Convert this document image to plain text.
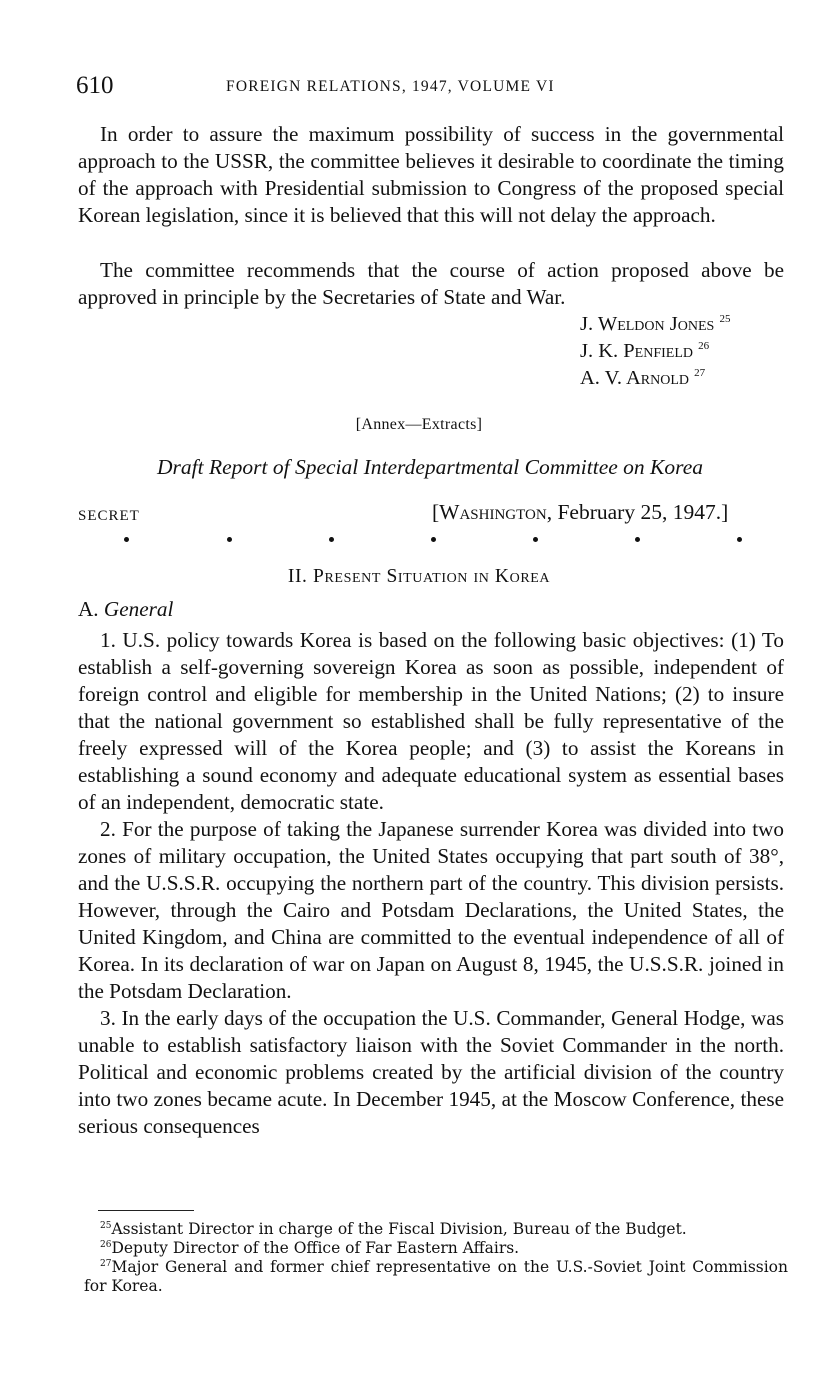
610	FOREIGN RELATIONS, 1947, VOLUME VI

In order to assure the maximum possibility of success in the governmental approach to the USSR, the committee believes it desirable to coordinate the timing of the approach with Presidential submission to Congress of the proposed special Korean legislation, since it is believed that this will not delay the approach.

The committee recommends that the course of action proposed above be approved in principle by the Secretaries of State and War.

J. Weldon Jones $^{25}$
J. K. Penfield $^{26}$
A. V. Arnold $^{27}$
[Annex—Extracts]
Draft Report of Special Interdepartmental Committee on Korea
SECRET	[Washington, February 25, 1947.]
II. Present Situation in Korea
A. General

1. U.S. policy towards Korea is based on the following basic objectives: (1) To establish a self-governing sovereign Korea as soon as possible, independent of foreign control and eligible for membership in the United Nations; (2) to insure that the national government so established shall be fully representative of the freely expressed will of the Korea people; and (3) to assist the Koreans in establishing a sound economy and adequate educational system as essential bases of an independent, democratic state.

2. For the purpose of taking the Japanese surrender Korea was divided into two zones of military occupation, the United States occupying that part south of 38°, and the U.S.S.R. occupying the northern part of the country. This division persists. However, through the Cairo and Potsdam Declarations, the United States, the United Kingdom, and China are committed to the eventual independence of all of Korea. In its declaration of war on Japan on August 8, 1945, the U.S.S.R. joined in the Potsdam Declaration.

3. In the early days of the occupation the U.S. Commander, General Hodge, was unable to establish satisfactory liaison with the Soviet Commander in the north. Political and economic problems created by the artificial division of the country into two zones became acute. In December 1945, at the Moscow Conference, these serious consequences

$^{25}$Assistant Director in charge of the Fiscal Division, Bureau of the Budget.

$^{26}$Deputy Director of the Office of Far Eastern Affairs.

$^{27}$Major General and former chief representative on the U.S.-Soviet Joint Commission for Korea.
